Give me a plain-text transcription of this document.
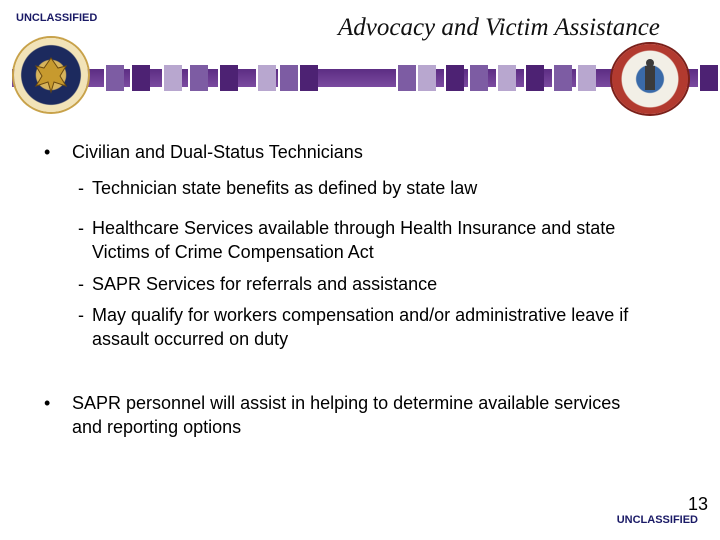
UNCLASSIFIED	Advocacy and Victim Assistance
• Civilian and Dual-Status Technicians
- Technician state benefits as defined by state law
- Healthcare Services available through Health Insurance and state Victims of Crime Compensation Act
- SAPR Services for referrals and assistance
- May qualify for workers compensation and/or administrative leave if assault occurred on duty
• SAPR personnel will assist in helping to determine available services and reporting options
13
UNCLASSIFIED
